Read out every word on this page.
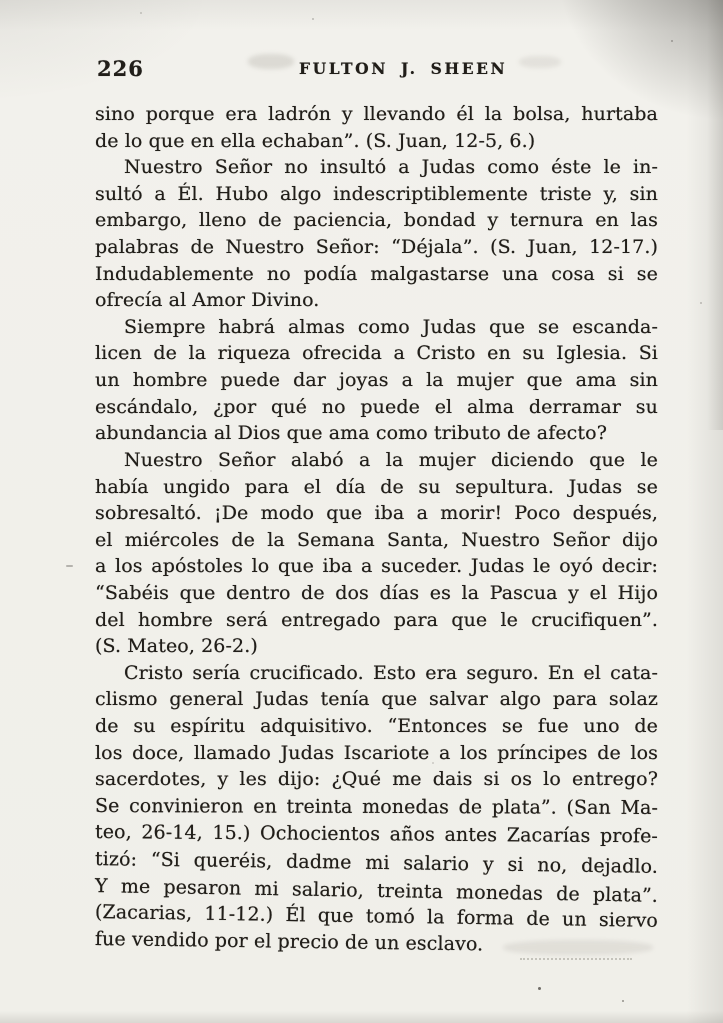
226	FULTON J. SHEEN
sino porque era ladrón y llevando él la bolsa, hurtaba
de lo que en ella echaban”. (S. Juan, 12-5, 6.)
Nuestro Señor no insultó a Judas como éste le in-
sultó a Él. Hubo algo indescriptiblemente triste y, sin
embargo, lleno de paciencia, bondad y ternura en las
palabras de Nuestro Señor: “Déjala”. (S. Juan, 12-17.)
Indudablemente no podía malgastarse una cosa si se
ofrecía al Amor Divino.
Siempre habrá almas como Judas que se escanda-
licen de la riqueza ofrecida a Cristo en su Iglesia. Si
un hombre puede dar joyas a la mujer que ama sin
escándalo, ¿por qué no puede el alma derramar su
abundancia al Dios que ama como tributo de afecto?
Nuestro Señor alabó a la mujer diciendo que le
había ungido para el día de su sepultura. Judas se
sobresaltó. ¡De modo que iba a morir! Poco después,
el miércoles de la Semana Santa, Nuestro Señor dijo
a los apóstoles lo que iba a suceder. Judas le oyó decir:
“Sabéis que dentro de dos días es la Pascua y el Hijo
del hombre será entregado para que le crucifiquen”.
(S. Mateo, 26-2.)
Cristo sería crucificado. Esto era seguro. En el cata-
clismo general Judas tenía que salvar algo para solaz
de su espíritu adquisitivo. “Entonces se fue uno de
los doce, llamado Judas Iscariote a los príncipes de los
sacerdotes, y les dijo: ¿Qué me dais si os lo entrego?
Se convinieron en treinta monedas de plata”. (San Ma-
teo, 26-14, 15.) Ochocientos años antes Zacarías profe-
tizó: “Si queréis, dadme mi salario y si no, dejadlo.
Y me pesaron mi salario, treinta monedas de plata”.
(Zacarias, 11-12.) Él que tomó la forma de un siervo
fue vendido por el precio de un esclavo.
